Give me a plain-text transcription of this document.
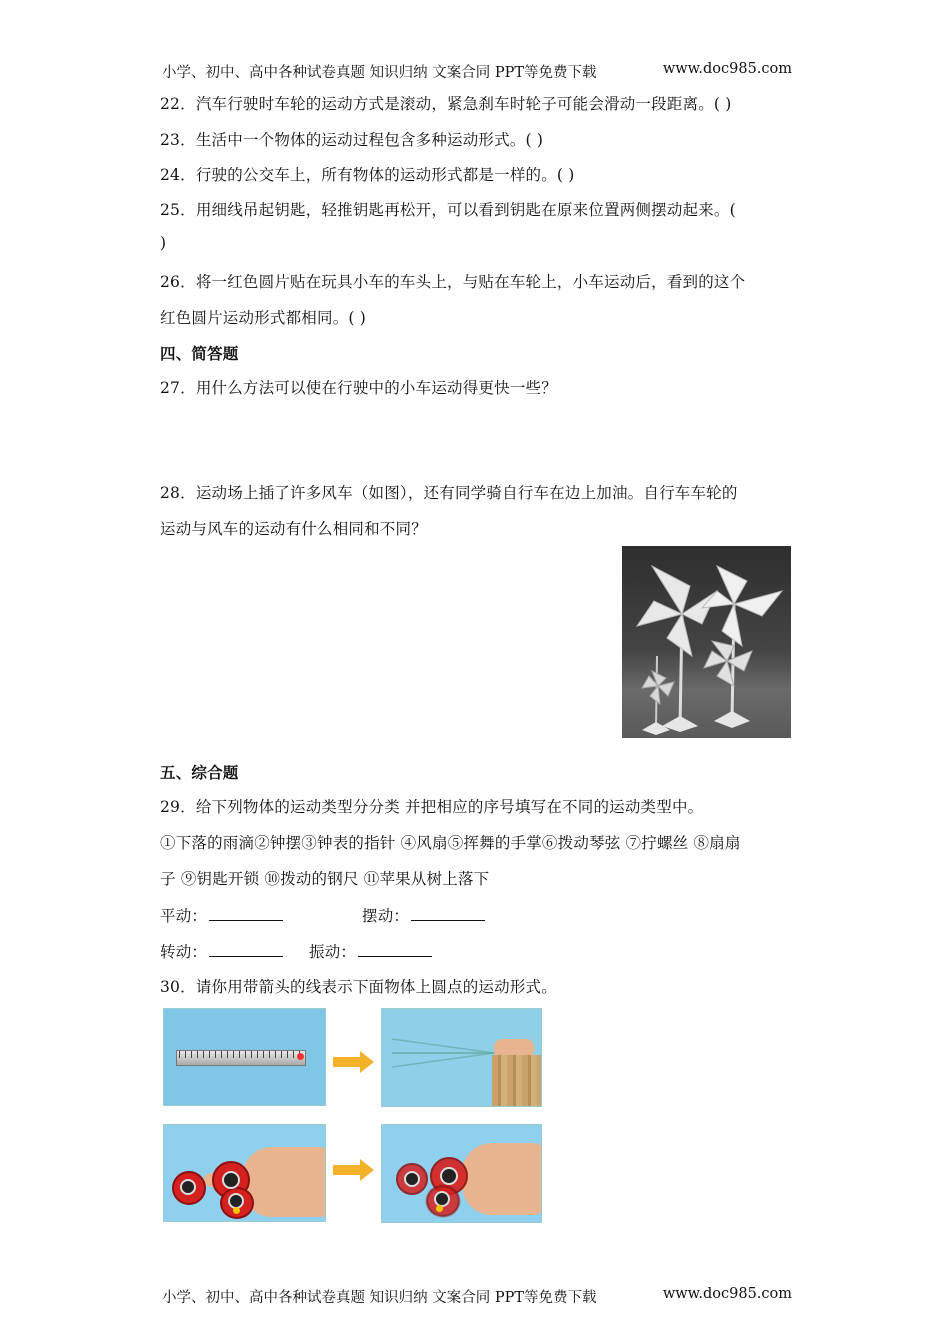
小学、初中、高中各种试卷真题 知识归纳 文案合同 PPT等免费下载	www.doc985.com
22．汽车行驶时车轮的运动方式是滚动，紧急刹车时轮子可能会滑动一段距离。( )
23．生活中一个物体的运动过程包含多种运动形式。( )
24．行驶的公交车上，所有物体的运动形式都是一样的。( )
25．用细线吊起钥匙，轻推钥匙再松开，可以看到钥匙在原来位置两侧摆动起来。(
)
26．将一红色圆片贴在玩具小车的车头上，与贴在车轮上，小车运动后，看到的这个
红色圆片运动形式都相同。( )
四、简答题
27．用什么方法可以使在行驶中的小车运动得更快一些？
28．运动场上插了许多风车（如图），还有同学骑自行车在边上加油。自行车车轮的
运动与风车的运动有什么相同和不同？
五、综合题
29．给下列物体的运动类型分分类 并把相应的序号填写在不同的运动类型中。
①下落的雨滴②钟摆③钟表的指针 ④风扇⑤挥舞的手掌⑥拨动琴弦 ⑦拧螺丝 ⑧扇扇
子 ⑨钥匙开锁 ⑩拨动的钢尺 ⑪苹果从树上落下
平动：	摆动：
转动：	振动：
30．请你用带箭头的线表示下面物体上圆点的运动形式。
小学、初中、高中各种试卷真题 知识归纳 文案合同 PPT等免费下载	www.doc985.com
